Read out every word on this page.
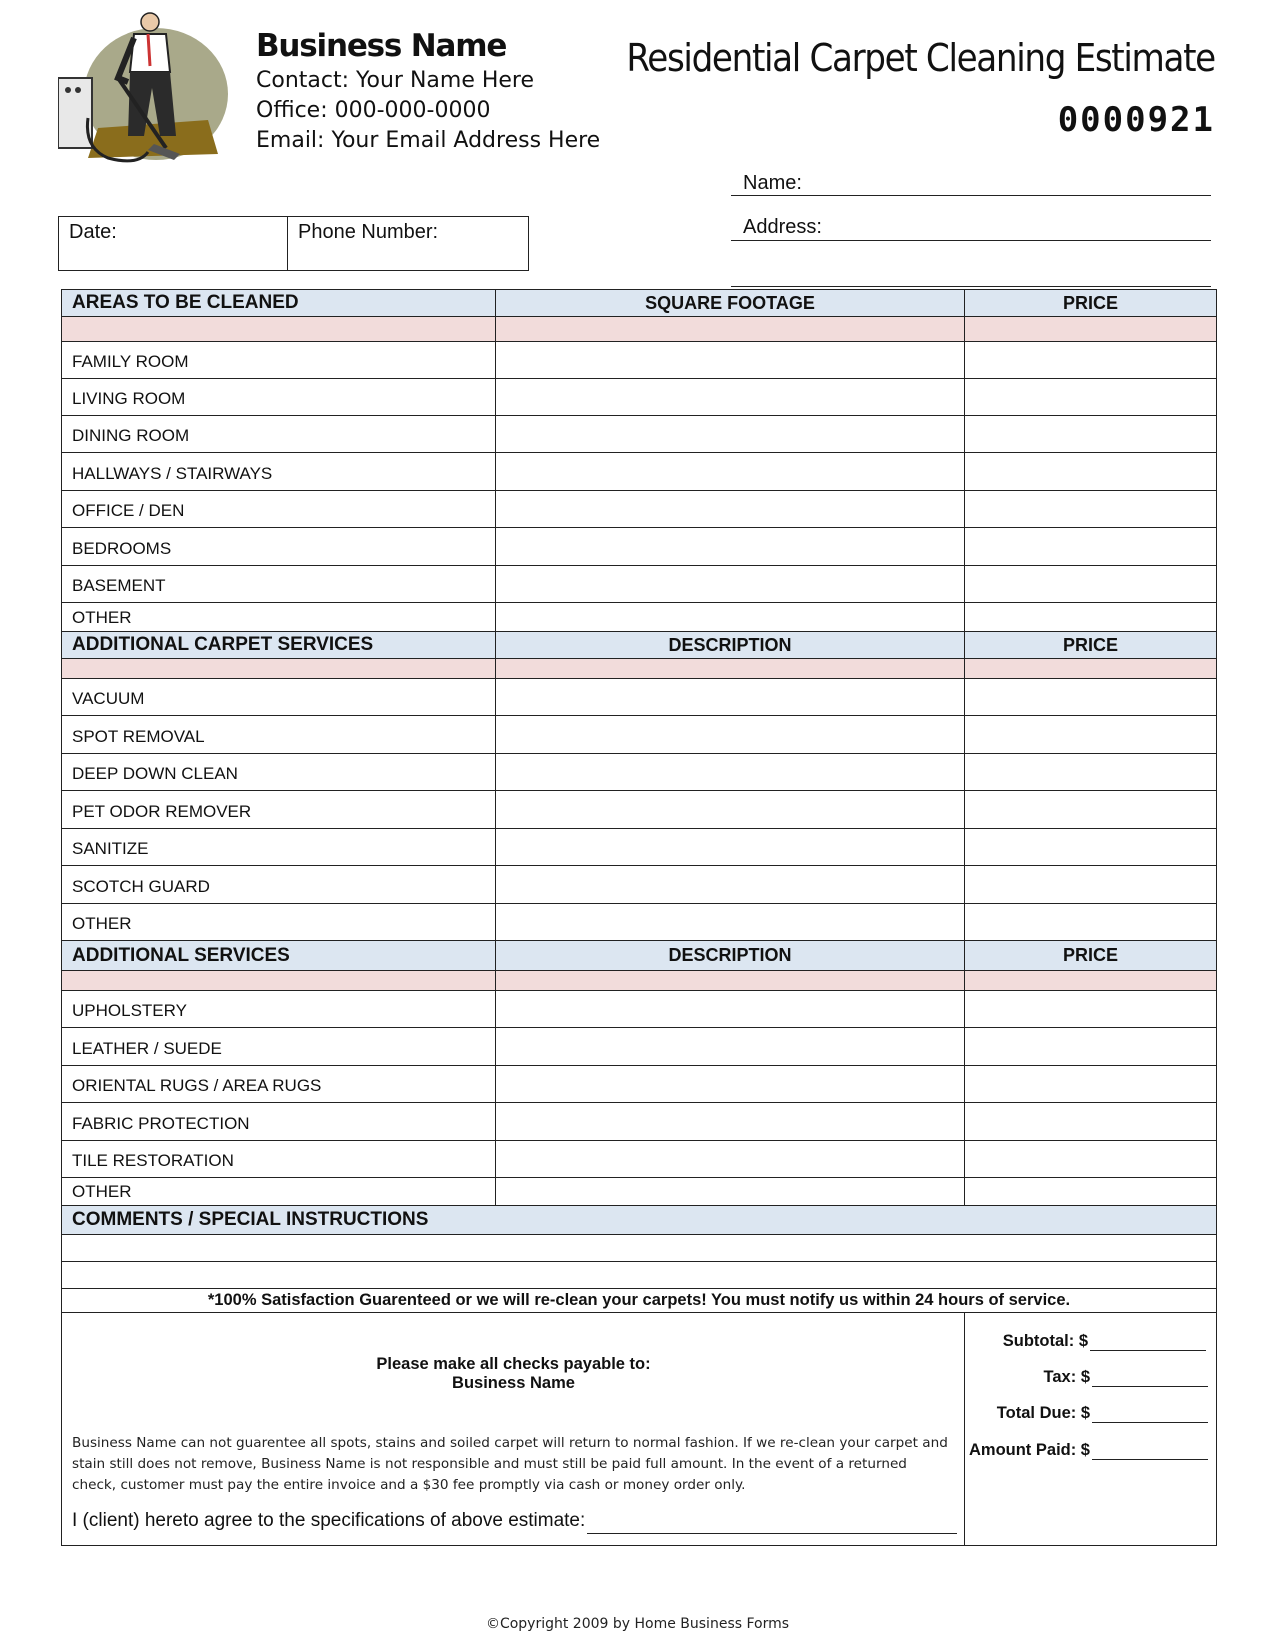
Business Name
Contact: Your Name Here
Office: 000-000-0000
Email: Your Email Address Here
Residential Carpet Cleaning Estimate
0000921
Name:
Address:
Date:	Phone Number:
AREAS TO BE CLEANED	SQUARE FOOTAGE	PRICE
FAMILY ROOM
LIVING ROOM
DINING ROOM
HALLWAYS / STAIRWAYS
OFFICE / DEN
BEDROOMS
BASEMENT
OTHER
ADDITIONAL CARPET SERVICES	DESCRIPTION	PRICE
VACUUM
SPOT REMOVAL
DEEP DOWN CLEAN
PET ODOR REMOVER
SANITIZE
SCOTCH GUARD
OTHER
ADDITIONAL SERVICES	DESCRIPTION	PRICE
UPHOLSTERY
LEATHER / SUEDE
ORIENTAL RUGS / AREA RUGS
FABRIC PROTECTION
TILE RESTORATION
OTHER
COMMENTS / SPECIAL INSTRUCTIONS
*100% Satisfaction Guarenteed or we will re-clean your carpets! You must notify us within 24 hours of service.
Please make all checks payable to:
Business Name
Business Name can not guarentee all spots, stains and soiled carpet will return to normal fashion. If we re-clean your carpet and stain still does not remove, Business Name is not responsible and must still be paid full amount. In the event of a returned check, customer must pay the entire invoice and a $30 fee promptly via cash or money order only.
I (client) hereto agree to the specifications of above estimate:
Subtotal: $
Tax: $
Total Due: $
Amount Paid: $
©Copyright 2009 by Home Business Forms
